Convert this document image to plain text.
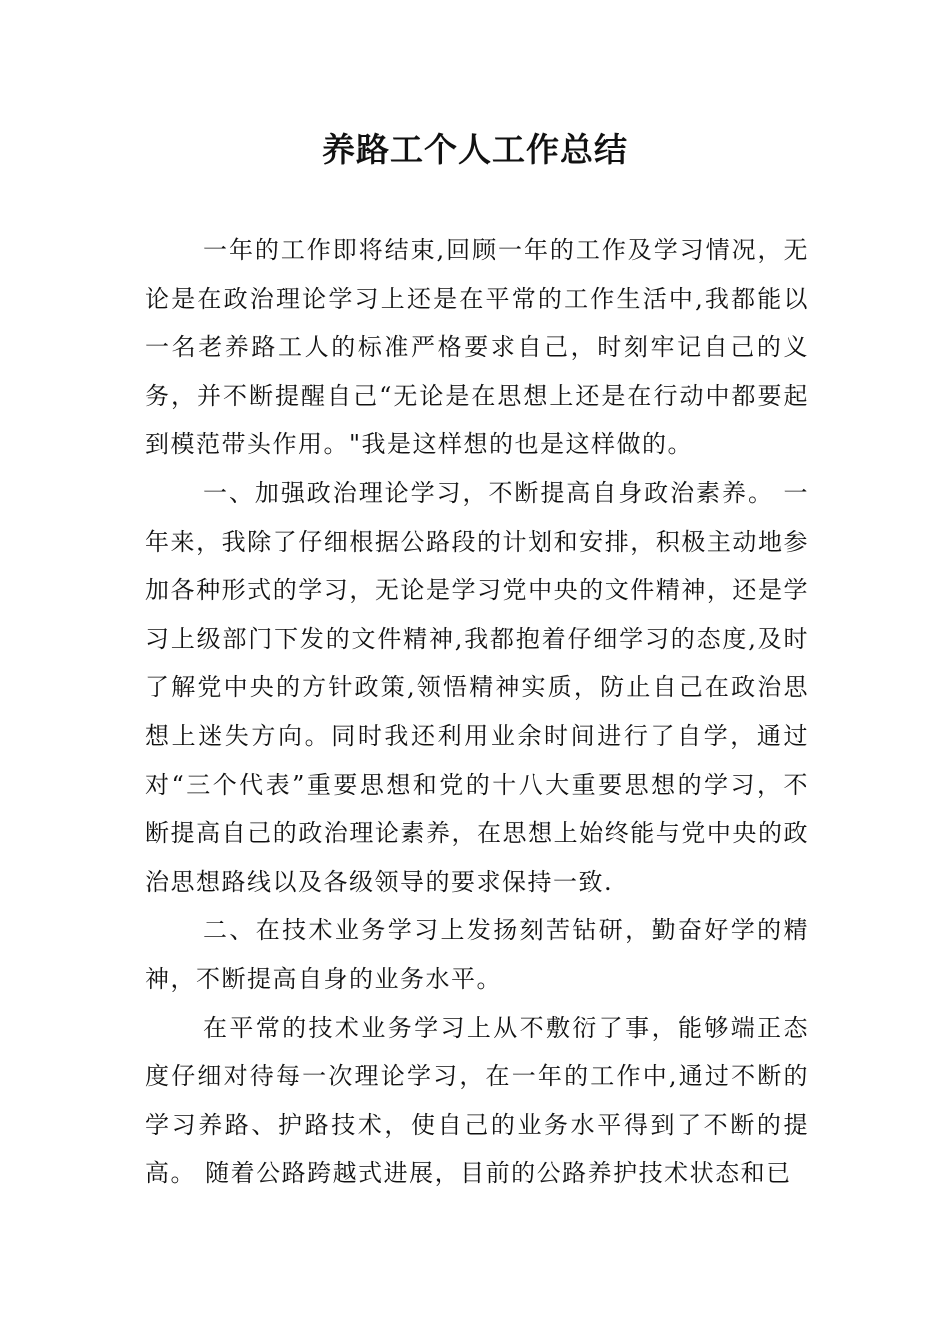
养路工个人工作总结

一年的工作即将结束,回顾一年的工作及学习情况，无论是在政治理论学习上还是在平常的工作生活中,我都能以一名老养路工人的标准严格要求自己，时刻牢记自己的义务，并不断提醒自己“无论是在思想上还是在行动中都要起到模范带头作用。"我是这样想的也是这样做的。

一、加强政治理论学习，不断提高自身政治素养。 一年来，我除了仔细根据公路段的计划和安排，积极主动地参加各种形式的学习，无论是学习党中央的文件精神，还是学习上级部门下发的文件精神,我都抱着仔细学习的态度,及时了解党中央的方针政策,领悟精神实质，防止自己在政治思想上迷失方向。同时我还利用业余时间进行了自学，通过对“三个代表”重要思想和党的十八大重要思想的学习，不断提高自己的政治理论素养，在思想上始终能与党中央的政治思想路线以及各级领导的要求保持一致.

二、在技术业务学习上发扬刻苦钻研，勤奋好学的精神，不断提高自身的业务水平。

在平常的技术业务学习上从不敷衍了事，能够端正态度仔细对待每一次理论学习，在一年的工作中,通过不断的学习养路、护路技术，使自己的业务水平得到了不断的提高。 随着公路跨越式进展，目前的公路养护技术状态和已
